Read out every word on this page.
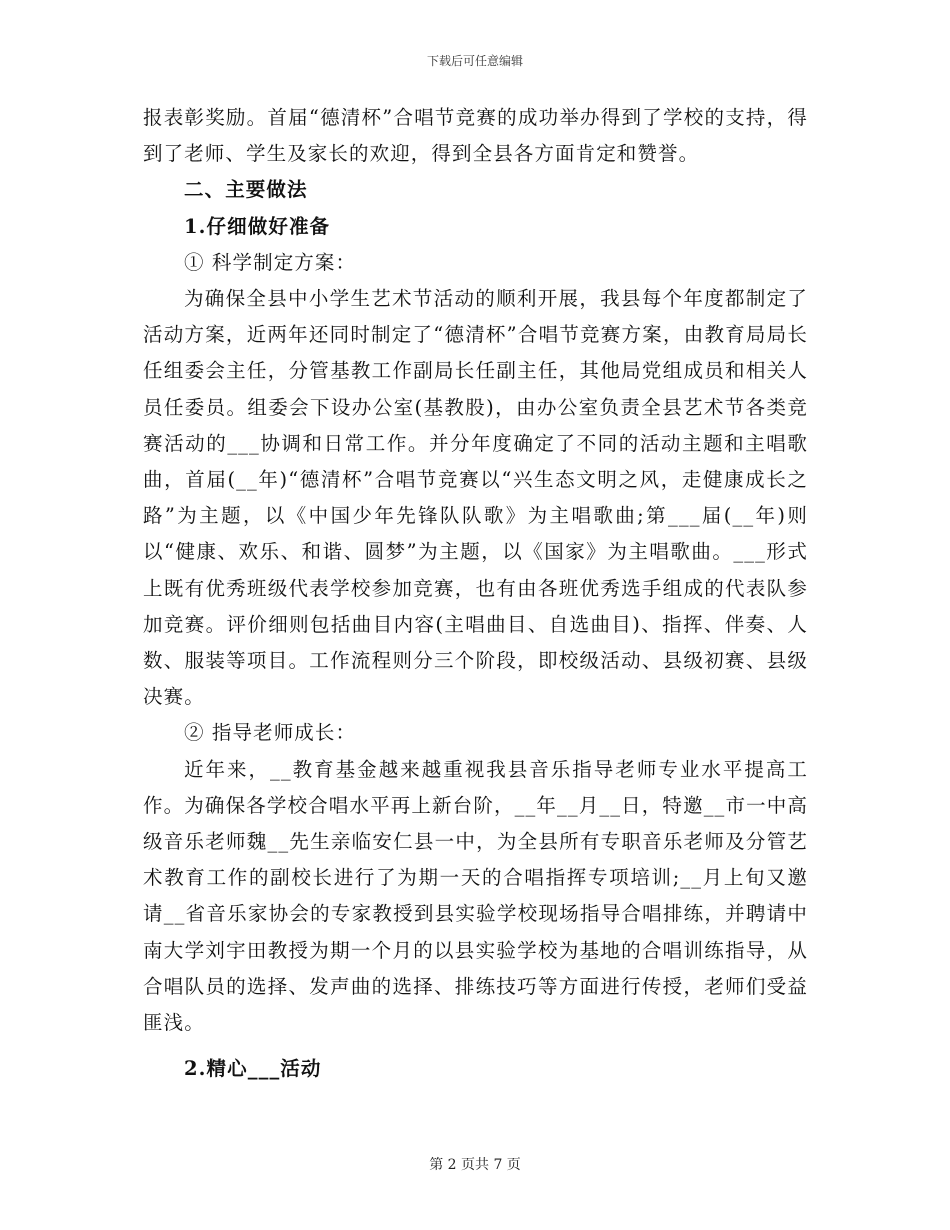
下载后可任意编辑

报表彰奖励。首届“德清杯”合唱节竞赛的成功举办得到了学校的支持，得到了老师、学生及家长的欢迎，得到全县各方面肯定和赞誉。

二、主要做法

1.仔细做好准备

① 科学制定方案：

为确保全县中小学生艺术节活动的顺利开展，我县每个年度都制定了活动方案，近两年还同时制定了“德清杯”合唱节竞赛方案，由教育局局长任组委会主任，分管基教工作副局长任副主任，其他局党组成员和相关人员任委员。组委会下设办公室(基教股)，由办公室负责全县艺术节各类竞赛活动的___协调和日常工作。并分年度确定了不同的活动主题和主唱歌曲，首届(__年)“德清杯”合唱节竞赛以“兴生态文明之风，走健康成长之路”为主题，以《中国少年先锋队队歌》为主唱歌曲;第___届(__年)则以“健康、欢乐、和谐、圆梦”为主题，以《国家》为主唱歌曲。___形式上既有优秀班级代表学校参加竞赛，也有由各班优秀选手组成的代表队参加竞赛。评价细则包括曲目内容(主唱曲目、自选曲目)、指挥、伴奏、人数、服装等项目。工作流程则分三个阶段，即校级活动、县级初赛、县级决赛。

② 指导老师成长：

近年来，__教育基金越来越重视我县音乐指导老师专业水平提高工作。为确保各学校合唱水平再上新台阶，__年__月__日，特邀__市一中高级音乐老师魏__先生亲临安仁县一中，为全县所有专职音乐老师及分管艺术教育工作的副校长进行了为期一天的合唱指挥专项培训;__月上旬又邀请__省音乐家协会的专家教授到县实验学校现场指导合唱排练，并聘请中南大学刘宇田教授为期一个月的以县实验学校为基地的合唱训练指导，从合唱队员的选择、发声曲的选择、排练技巧等方面进行传授，老师们受益匪浅。

2.精心___活动

第 2 页共 7 页
